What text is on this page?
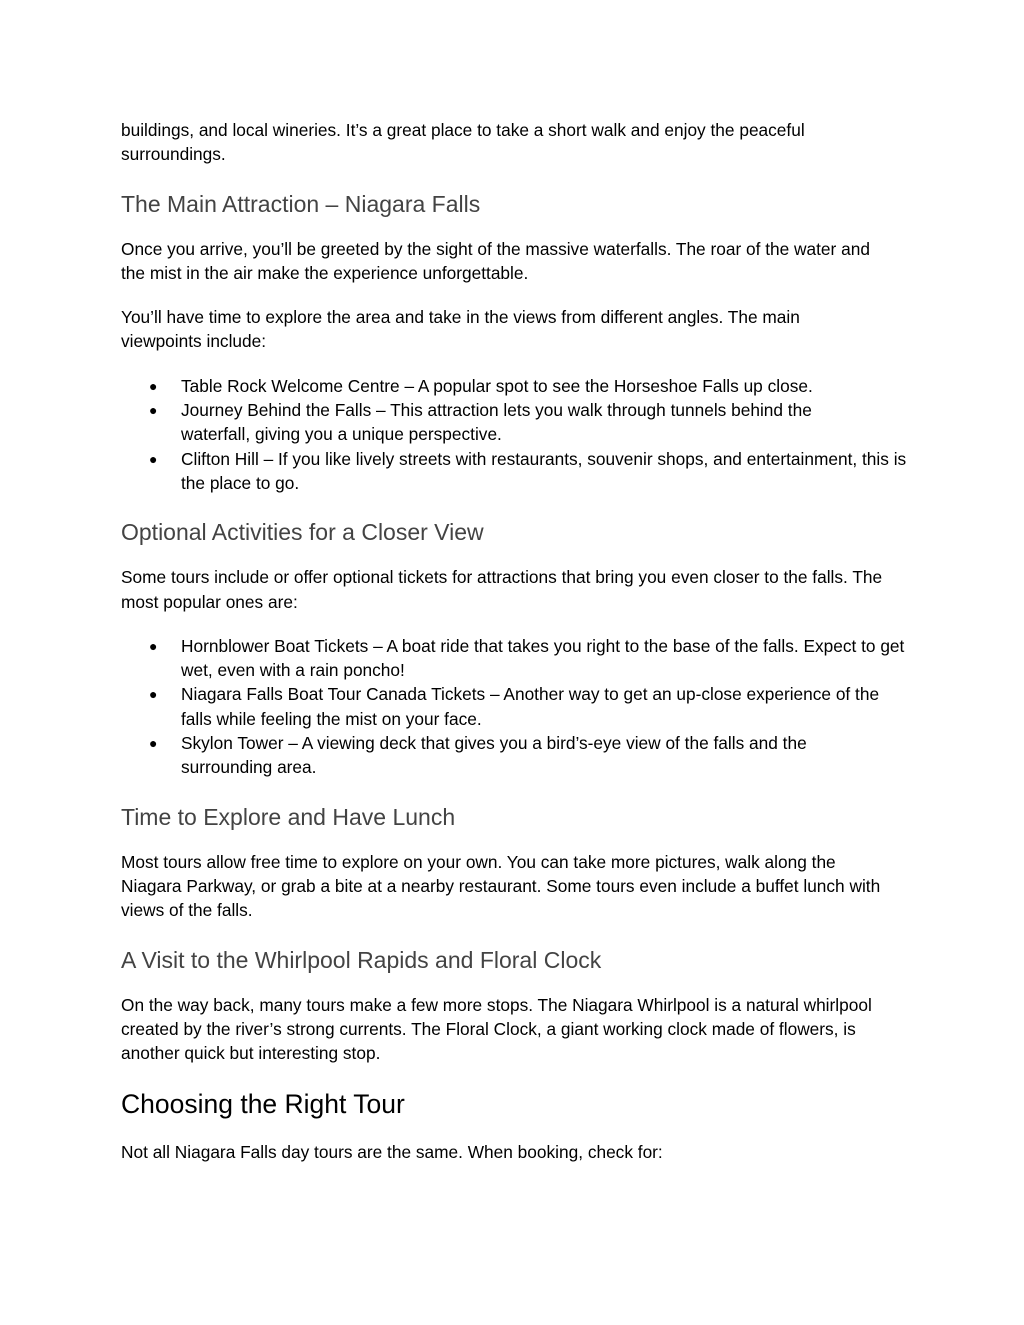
buildings, and local wineries. It’s a great place to take a short walk and enjoy the peaceful surroundings.

The Main Attraction – Niagara Falls

Once you arrive, you’ll be greeted by the sight of the massive waterfalls. The roar of the water and the mist in the air make the experience unforgettable.

You’ll have time to explore the area and take in the views from different angles. The main viewpoints include:

● Table Rock Welcome Centre – A popular spot to see the Horseshoe Falls up close.
● Journey Behind the Falls – This attraction lets you walk through tunnels behind the waterfall, giving you a unique perspective.
● Clifton Hill – If you like lively streets with restaurants, souvenir shops, and entertainment, this is the place to go.
Optional Activities for a Closer View

Some tours include or offer optional tickets for attractions that bring you even closer to the falls. The most popular ones are:

● Hornblower Boat Tickets – A boat ride that takes you right to the base of the falls. Expect to get wet, even with a rain poncho!
● Niagara Falls Boat Tour Canada Tickets – Another way to get an up-close experience of the falls while feeling the mist on your face.
● Skylon Tower – A viewing deck that gives you a bird’s-eye view of the falls and the surrounding area.
Time to Explore and Have Lunch

Most tours allow free time to explore on your own. You can take more pictures, walk along the Niagara Parkway, or grab a bite at a nearby restaurant. Some tours even include a buffet lunch with views of the falls.

A Visit to the Whirlpool Rapids and Floral Clock

On the way back, many tours make a few more stops. The Niagara Whirlpool is a natural whirlpool created by the river’s strong currents. The Floral Clock, a giant working clock made of flowers, is another quick but interesting stop.

Choosing the Right Tour

Not all Niagara Falls day tours are the same. When booking, check for:
